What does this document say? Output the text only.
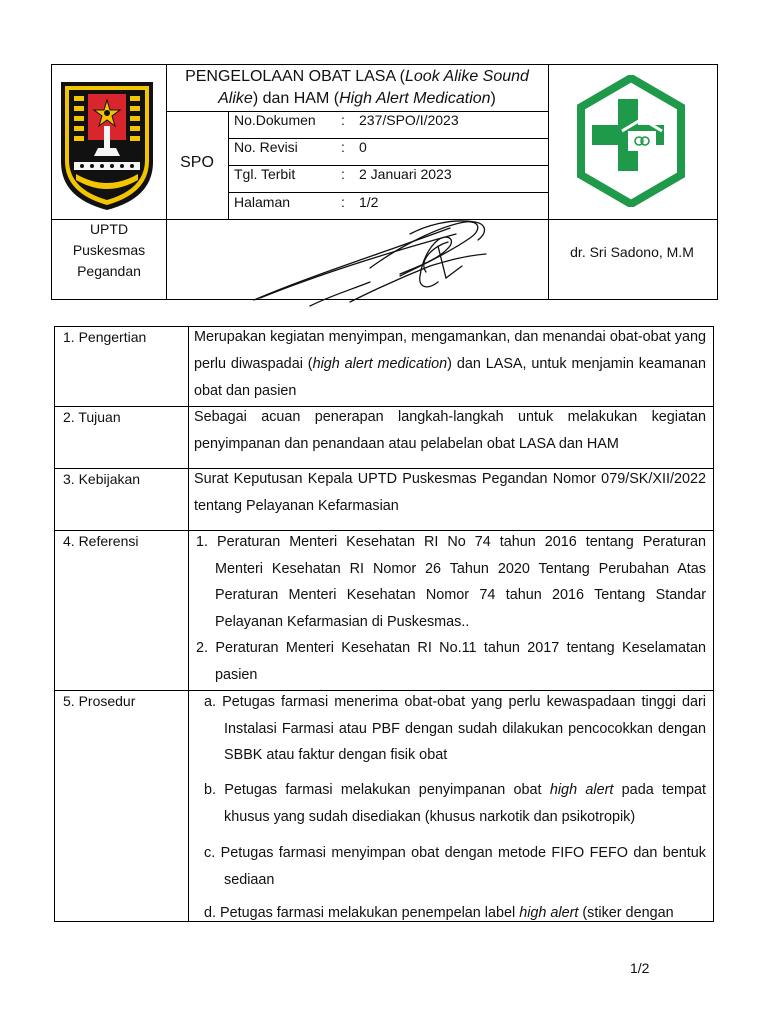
PENGELOLAAN OBAT LASA (Look Alike Sound Alike) dan HAM (High Alert Medication)
SPO
No.Dokumen : 237/SPO/I/2023
No. Revisi	: 0
Tgl. Terbit	: 2 Januari 2023
Halaman	: 1/2
UPTD
Puskesmas
Pegandan
dr. Sri Sadono, M.M
1. Pengertian	Merupakan kegiatan menyimpan, mengamankan, dan menandai obat-obat yang perlu diwaspadai (high alert medication) dan LASA, untuk menjamin keamanan obat dan pasien
2. Tujuan	Sebagai acuan penerapan langkah-langkah untuk melakukan kegiatan penyimpanan dan penandaan atau pelabelan obat LASA dan HAM
3. Kebijakan	Surat Keputusan Kepala UPTD Puskesmas Pegandan Nomor 079/SK/XII/2022 tentang Pelayanan Kefarmasian
4. Referensi	1. Peraturan Menteri Kesehatan RI No 74 tahun 2016 tentang Peraturan Menteri Kesehatan RI Nomor 26 Tahun 2020 Tentang Perubahan Atas Peraturan Menteri Kesehatan Nomor 74 tahun 2016 Tentang Standar Pelayanan Kefarmasian di Puskesmas..
2. Peraturan Menteri Kesehatan RI No.11 tahun 2017 tentang Keselamatan pasien
5. Prosedur	a. Petugas farmasi menerima obat-obat yang perlu kewaspadaan tinggi dari Instalasi Farmasi atau PBF dengan sudah dilakukan pencocokkan dengan SBBK atau faktur dengan fisik obat
b. Petugas farmasi melakukan penyimpanan obat high alert pada tempat khusus yang sudah disediakan (khusus narkotik dan psikotropik)
c. Petugas farmasi menyimpan obat dengan metode FIFO FEFO dan bentuk sediaan
d. Petugas farmasi melakukan penempelan label high alert (stiker dengan
1/2
